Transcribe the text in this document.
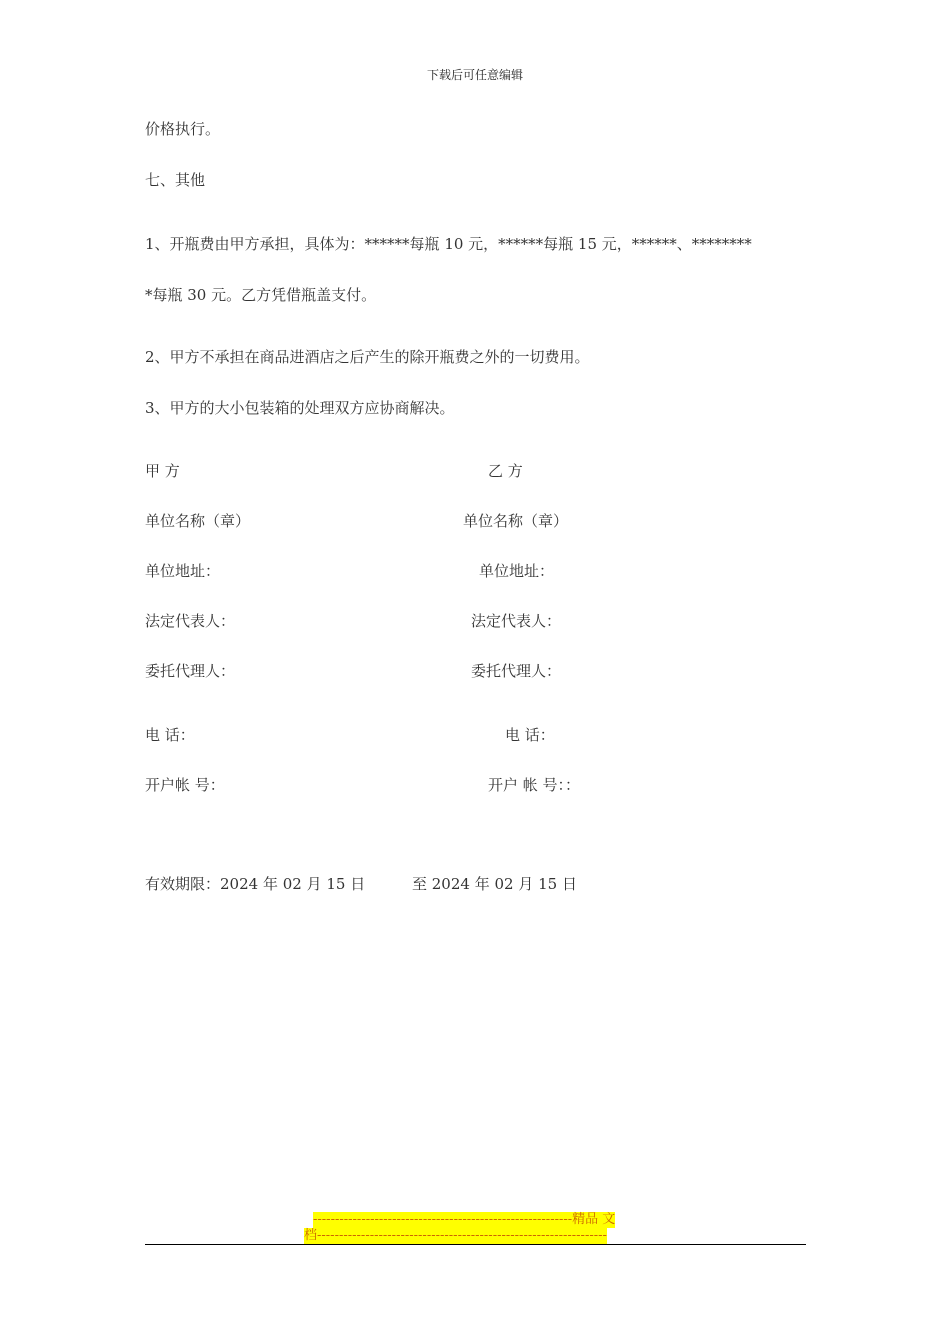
下载后可任意编辑
价格执行。
七、其他
1、开瓶费由甲方承担，具体为：******每瓶 10 元，******每瓶 15 元，******、********
*每瓶 30 元。乙方凭借瓶盖支付。
2、甲方不承担在商品进酒店之后产生的除开瓶费之外的一切费用。
3、甲方的大小包装箱的处理双方应协商解决。
甲 方
单位名称（章）
单位地址：
法定代表人：
委托代理人：
电 话：
开户帐 号：
乙 方
单位名称（章）
单位地址：
法定代表人：
委托代理人：
电 话：
开户 帐 号：：
有效期限：2024 年 02 月 15 日	至 2024 年 02 月 15 日
-----------------------------------------------------------精品 文
档------------------------------------------------------------------
